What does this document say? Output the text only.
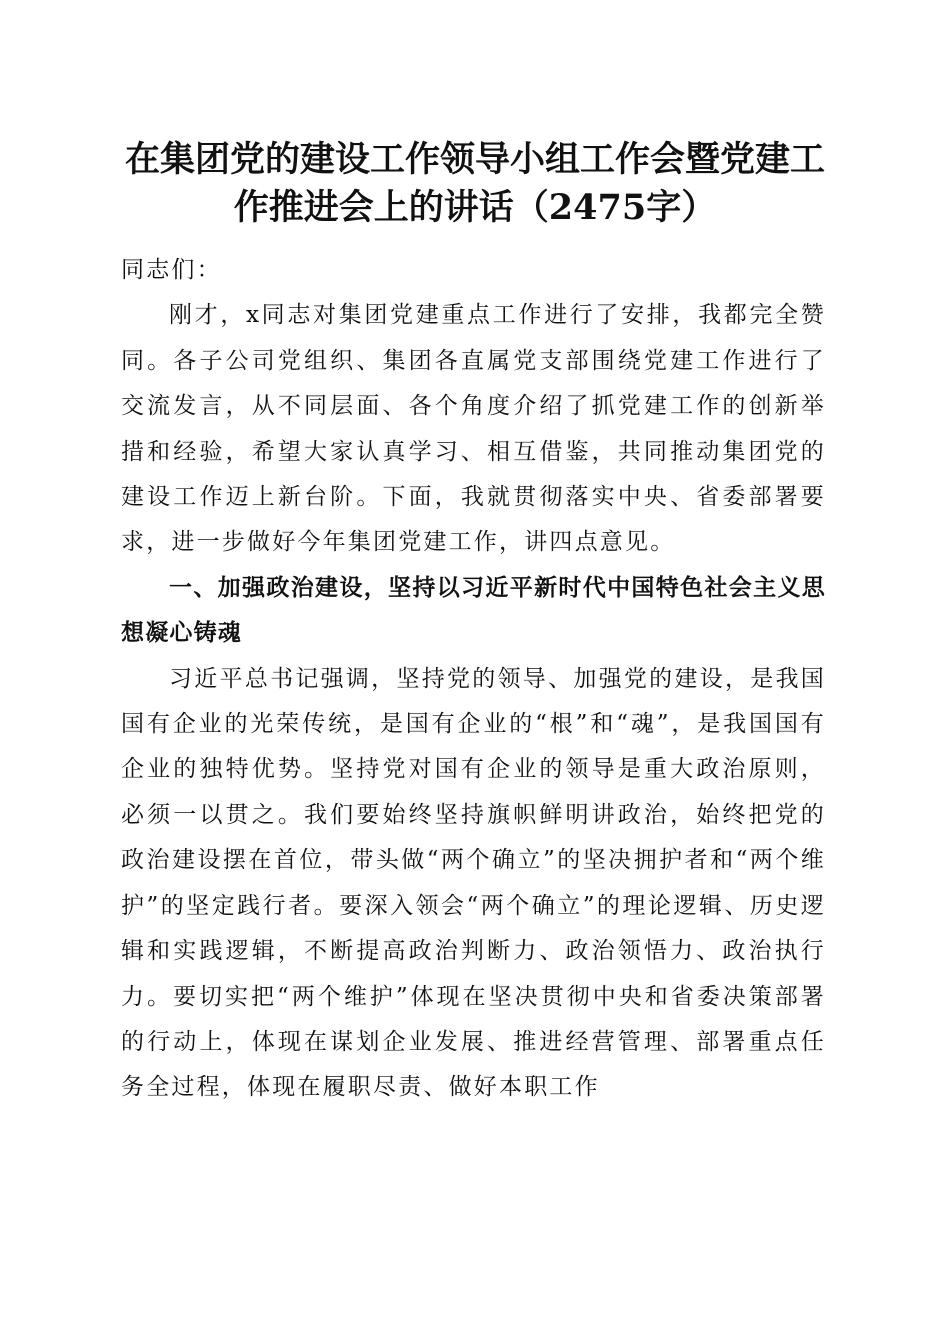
在集团党的建设工作领导小组工作会暨党建工
作推进会上的讲话（2475字）

同志们：

刚才，x同志对集团党建重点工作进行了安排，我都完全赞同。各子公司党组织、集团各直属党支部围绕党建工作进行了交流发言，从不同层面、各个角度介绍了抓党建工作的创新举措和经验，希望大家认真学习、相互借鉴，共同推动集团党的建设工作迈上新台阶。下面，我就贯彻落实中央、省委部署要求，进一步做好今年集团党建工作，讲四点意见。

一、加强政治建设，坚持以习近平新时代中国特色社会主义思想凝心铸魂

习近平总书记强调，坚持党的领导、加强党的建设，是我国国有企业的光荣传统，是国有企业的“根”和“魂”，是我国国有企业的独特优势。坚持党对国有企业的领导是重大政治原则，必须一以贯之。我们要始终坚持旗帜鲜明讲政治，始终把党的政治建设摆在首位，带头做“两个确立”的坚决拥护者和“两个维护”的坚定践行者。要深入领会“两个确立”的理论逻辑、历史逻辑和实践逻辑，不断提高政治判断力、政治领悟力、政治执行力。要切实把“两个维护”体现在坚决贯彻中央和省委决策部署的行动上，体现在谋划企业发展、推进经营管理、部署重点任务全过程，体现在履职尽责、做好本职工作
